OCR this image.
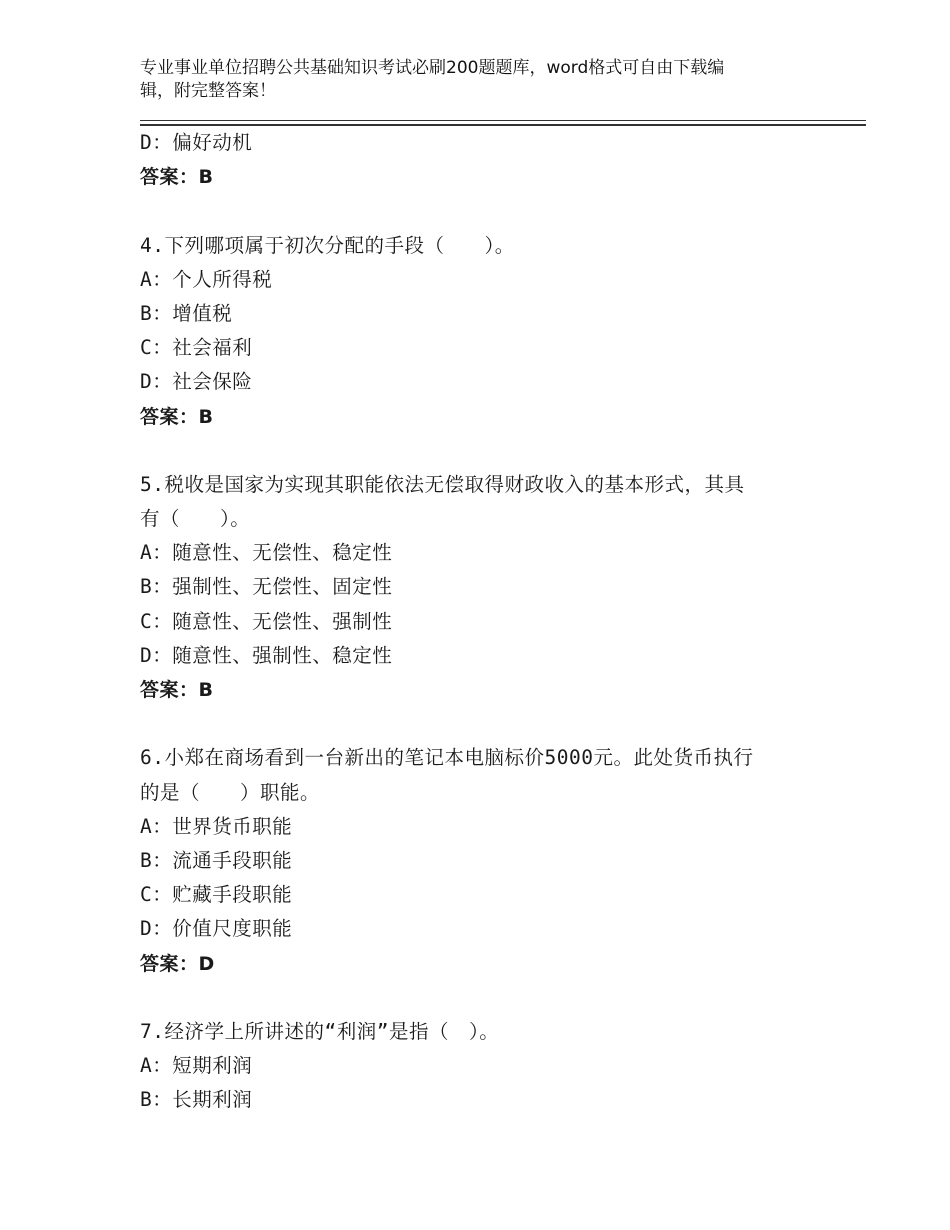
专业事业单位招聘公共基础知识考试必刷200题题库，word格式可自由下载编
辑，附完整答案！
D：偏好动机
答案：B
4.下列哪项属于初次分配的手段（　　）。
A：个人所得税
B：增值税
C：社会福利
D：社会保险
答案：B
5.税收是国家为实现其职能依法无偿取得财政收入的基本形式，其具
有（　　）。
A：随意性、无偿性、稳定性
B：强制性、无偿性、固定性
C：随意性、无偿性、强制性
D：随意性、强制性、稳定性
答案：B
6.小郑在商场看到一台新出的笔记本电脑标价5000元。此处货币执行
的是（　　）职能。
A：世界货币职能
B：流通手段职能
C：贮藏手段职能
D：价值尺度职能
答案：D
7.经济学上所讲述的“利润”是指（　）。
A：短期利润
B：长期利润
